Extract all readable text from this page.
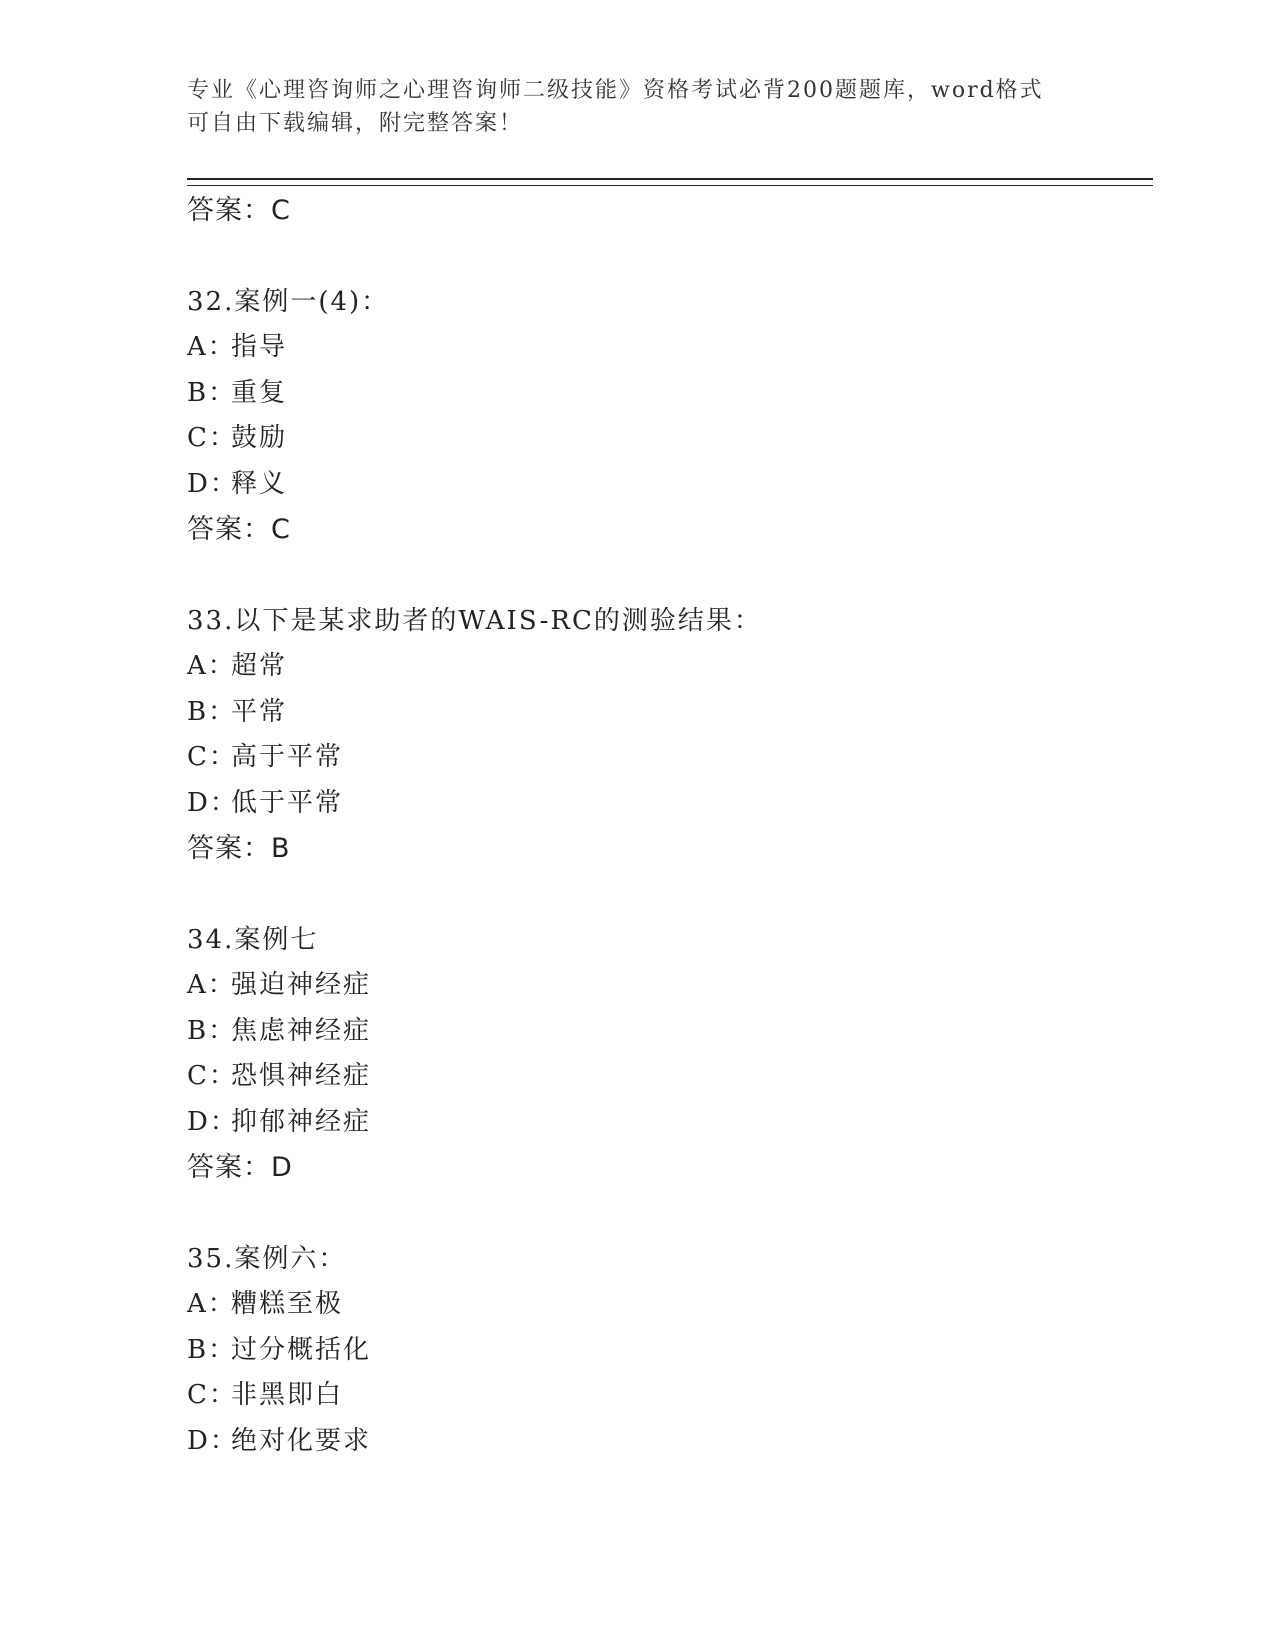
专业《心理咨询师之心理咨询师二级技能》资格考试必背200题题库，word格式
可自由下载编辑，附完整答案！
答案：C
32.案例一(4)：
A：指导
B：重复
C：鼓励
D：释义
答案：C
33.以下是某求助者的WAIS-RC的测验结果：
A：超常
B：平常
C：高于平常
D：低于平常
答案：B
34.案例七
A：强迫神经症
B：焦虑神经症
C：恐惧神经症
D：抑郁神经症
答案：D
35.案例六：
A：糟糕至极
B：过分概括化
C：非黑即白
D：绝对化要求
